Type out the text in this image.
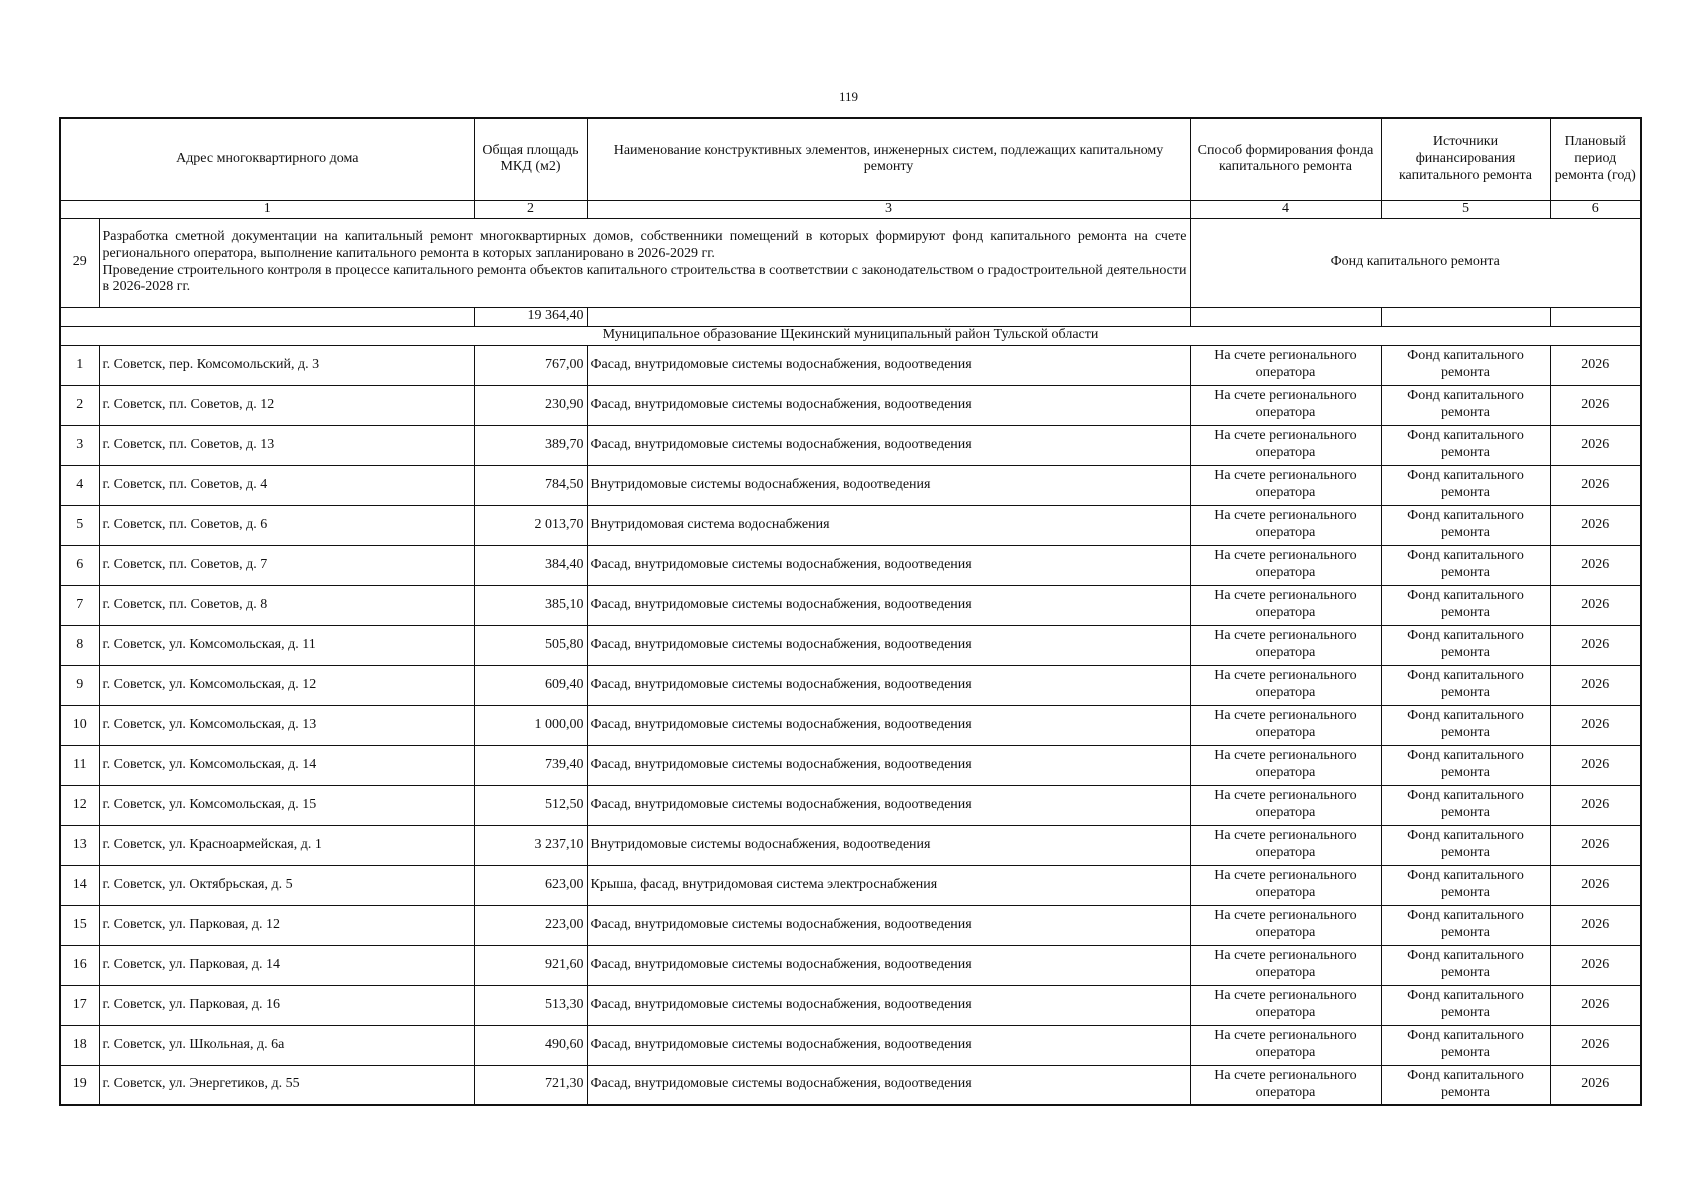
119
Адрес многоквартирного дома		Общая площадь МКД (м2)	Наименование конструктивных элементов, инженерных систем, подлежащих капитальному ремонту	Способ формирования фонда капитального ремонта	Источники финансирования капитального ремонта	Плановый период ремонта (год)
1		2	3	4	5	6
29	Разработка сметной документации на капитальный ремонт многоквартирных домов, собственники помещений в которых формируют фонд капитального ремонта на счете регионального оператора, выполнение капитального ремонта в которых запланировано в 2026-2029 гг.
Проведение строительного контроля в процессе капитального ремонта объектов капитального строительства в соответствии с законодательством о градостроительной деятельности в 2026-2028 гг.			Фонд капитального ремонта		
		19 364,40				
Муниципальное образование Щекинский муниципальный район Тульской области						
1	г. Советск, пер. Комсомольский, д. 3	767,00	Фасад, внутридомовые системы водоснабжения, водоотведения	На счете регионального оператора	Фонд капитального ремонта	2026
2	г. Советск, пл. Советов, д. 12	230,90	Фасад, внутридомовые системы водоснабжения, водоотведения	На счете регионального оператора	Фонд капитального ремонта	2026
3	г. Советск, пл. Советов, д. 13	389,70	Фасад, внутридомовые системы водоснабжения, водоотведения	На счете регионального оператора	Фонд капитального ремонта	2026
4	г. Советск, пл. Советов, д. 4	784,50	Внутридомовые системы водоснабжения, водоотведения	На счете регионального оператора	Фонд капитального ремонта	2026
5	г. Советск, пл. Советов, д. 6	2 013,70	Внутридомовая система водоснабжения	На счете регионального оператора	Фонд капитального ремонта	2026
6	г. Советск, пл. Советов, д. 7	384,40	Фасад, внутридомовые системы водоснабжения, водоотведения	На счете регионального оператора	Фонд капитального ремонта	2026
7	г. Советск, пл. Советов, д. 8	385,10	Фасад, внутридомовые системы водоснабжения, водоотведения	На счете регионального оператора	Фонд капитального ремонта	2026
8	г. Советск, ул. Комсомольская, д. 11	505,80	Фасад, внутридомовые системы водоснабжения, водоотведения	На счете регионального оператора	Фонд капитального ремонта	2026
9	г. Советск, ул. Комсомольская, д. 12	609,40	Фасад, внутридомовые системы водоснабжения, водоотведения	На счете регионального оператора	Фонд капитального ремонта	2026
10	г. Советск, ул. Комсомольская, д. 13	1 000,00	Фасад, внутридомовые системы водоснабжения, водоотведения	На счете регионального оператора	Фонд капитального ремонта	2026
11	г. Советск, ул. Комсомольская, д. 14	739,40	Фасад, внутридомовые системы водоснабжения, водоотведения	На счете регионального оператора	Фонд капитального ремонта	2026
12	г. Советск, ул. Комсомольская, д. 15	512,50	Фасад, внутридомовые системы водоснабжения, водоотведения	На счете регионального оператора	Фонд капитального ремонта	2026
13	г. Советск, ул. Красноармейская, д. 1	3 237,10	Внутридомовые системы водоснабжения, водоотведения	На счете регионального оператора	Фонд капитального ремонта	2026
14	г. Советск, ул. Октябрьская, д. 5	623,00	Крыша, фасад, внутридомовая система электроснабжения	На счете регионального оператора	Фонд капитального ремонта	2026
15	г. Советск, ул. Парковая, д. 12	223,00	Фасад, внутридомовые системы водоснабжения, водоотведения	На счете регионального оператора	Фонд капитального ремонта	2026
16	г. Советск, ул. Парковая, д. 14	921,60	Фасад, внутридомовые системы водоснабжения, водоотведения	На счете регионального оператора	Фонд капитального ремонта	2026
17	г. Советск, ул. Парковая, д. 16	513,30	Фасад, внутридомовые системы водоснабжения, водоотведения	На счете регионального оператора	Фонд капитального ремонта	2026
18	г. Советск, ул. Школьная, д. 6а	490,60	Фасад, внутридомовые системы водоснабжения, водоотведения	На счете регионального оператора	Фонд капитального ремонта	2026
19	г. Советск, ул. Энергетиков, д. 55	721,30	Фасад, внутридомовые системы водоснабжения, водоотведения	На счете регионального оператора	Фонд капитального ремонта	2026
